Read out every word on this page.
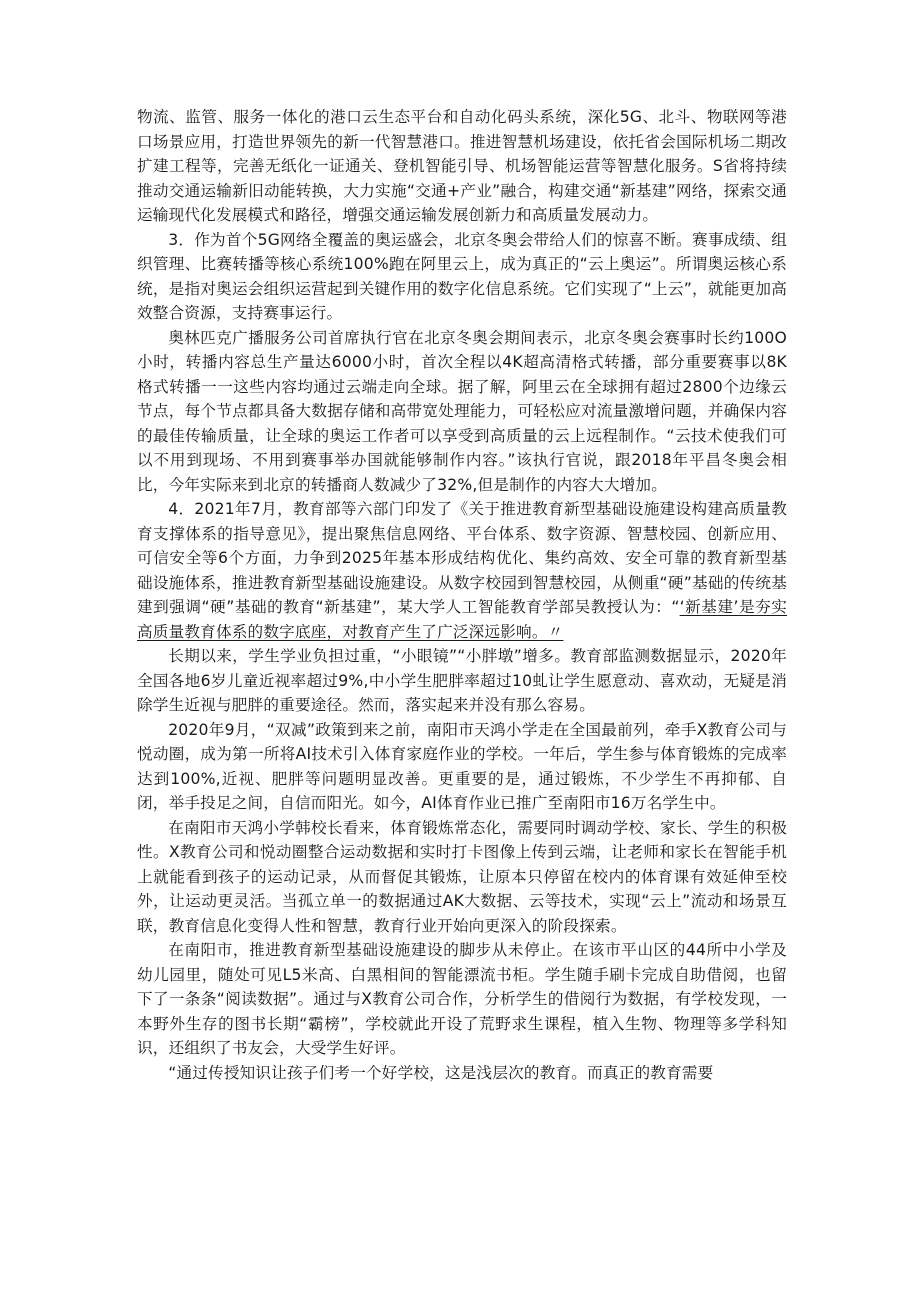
物流、监管、服务一体化的港口云生态平台和自动化码头系统，深化5G、北斗、物联网等港口场景应用，打造世界领先的新一代智慧港口。推进智慧机场建设，依托省会国际机场二期改扩建工程等，完善无纸化一证通关、登机智能引导、机场智能运营等智慧化服务。S省将持续推动交通运输新旧动能转换，大力实施“交通+产业”融合，构建交通“新基建”网络，探索交通运输现代化发展模式和路径，增强交通运输发展创新力和高质量发展动力。

3．作为首个5G网络全覆盖的奥运盛会，北京冬奥会带给人们的惊喜不断。赛事成绩、组织管理、比赛转播等核心系统100%跑在阿里云上，成为真正的“云上奥运”。所谓奥运核心系统，是指对奥运会组织运营起到关键作用的数字化信息系统。它们实现了“上云”，就能更加高效整合资源，支持赛事运行。

奥林匹克广播服务公司首席执行官在北京冬奥会期间表示，北京冬奥会赛事时长约100O小时，转播内容总生产量达6000小时，首次全程以4K超高清格式转播，部分重要赛事以8K格式转播一一这些内容均通过云端走向全球。据了解，阿里云在全球拥有超过2800个边缘云节点，每个节点都具备大数据存储和高带宽处理能力，可轻松应对流量激增问题，并确保内容的最佳传输质量，让全球的奥运工作者可以享受到高质量的云上远程制作。“云技术使我们可以不用到现场、不用到赛事举办国就能够制作内容。”该执行官说，跟2018年平昌冬奥会相比，今年实际来到北京的转播商人数减少了32%,但是制作的内容大大增加。

4．2021年7月，教育部等六部门印发了《关于推进教育新型基础设施建设构建高质量教育支撑体系的指导意见》，提出聚焦信息网络、平台体系、数字资源、智慧校园、创新应用、可信安全等6个方面，力争到2025年基本形成结构优化、集约高效、安全可靠的教育新型基础设施体系，推进教育新型基础设施建设。从数字校园到智慧校园，从侧重“硬”基础的传统基建到强调“硬”基础的教育“新基建”，某大学人工智能教育学部吴教授认为：“‘新基建’是夯实高质量教育体系的数字底座，对教育产生了广泛深远影响。〃

长期以来，学生学业负担过重，“小眼镜”“小胖墩”增多。教育部监测数据显示，2020年全国各地6岁儿童近视率超过9%,中小学生肥胖率超过10虬让学生愿意动、喜欢动，无疑是消除学生近视与肥胖的重要途径。然而，落实起来并没有那么容易。

2020年9月，“双减”政策到来之前，南阳市天鸿小学走在全国最前列，牵手X教育公司与悦动圈，成为第一所将AI技术引入体育家庭作业的学校。一年后，学生参与体育锻炼的完成率达到100%,近视、肥胖等问题明显改善。更重要的是，通过锻炼，不少学生不再抑郁、自闭，举手投足之间，自信而阳光。如今，AI体育作业已推广至南阳市16万名学生中。

在南阳市天鸿小学韩校长看来，体育锻炼常态化，需要同时调动学校、家长、学生的积极性。X教育公司和悦动圈整合运动数据和实时打卡图像上传到云端，让老师和家长在智能手机上就能看到孩子的运动记录，从而督促其锻炼，让原本只停留在校内的体育课有效延伸至校外，让运动更灵活。当孤立单一的数据通过AK大数据、云等技术，实现“云上”流动和场景互联，教育信息化变得人性和智慧，教育行业开始向更深入的阶段探索。

在南阳市，推进教育新型基础设施建设的脚步从未停止。在该市平山区的44所中小学及幼儿园里，随处可见L5米高、白黑相间的智能漂流书柜。学生随手刷卡完成自助借阅，也留下了一条条“阅读数据”。通过与X教育公司合作，分析学生的借阅行为数据，有学校发现，一本野外生存的图书长期“霸榜”，学校就此开设了荒野求生课程，植入生物、物理等多学科知识，还组织了书友会，大受学生好评。

“通过传授知识让孩子们考一个好学校，这是浅层次的教育。而真正的教育需要
